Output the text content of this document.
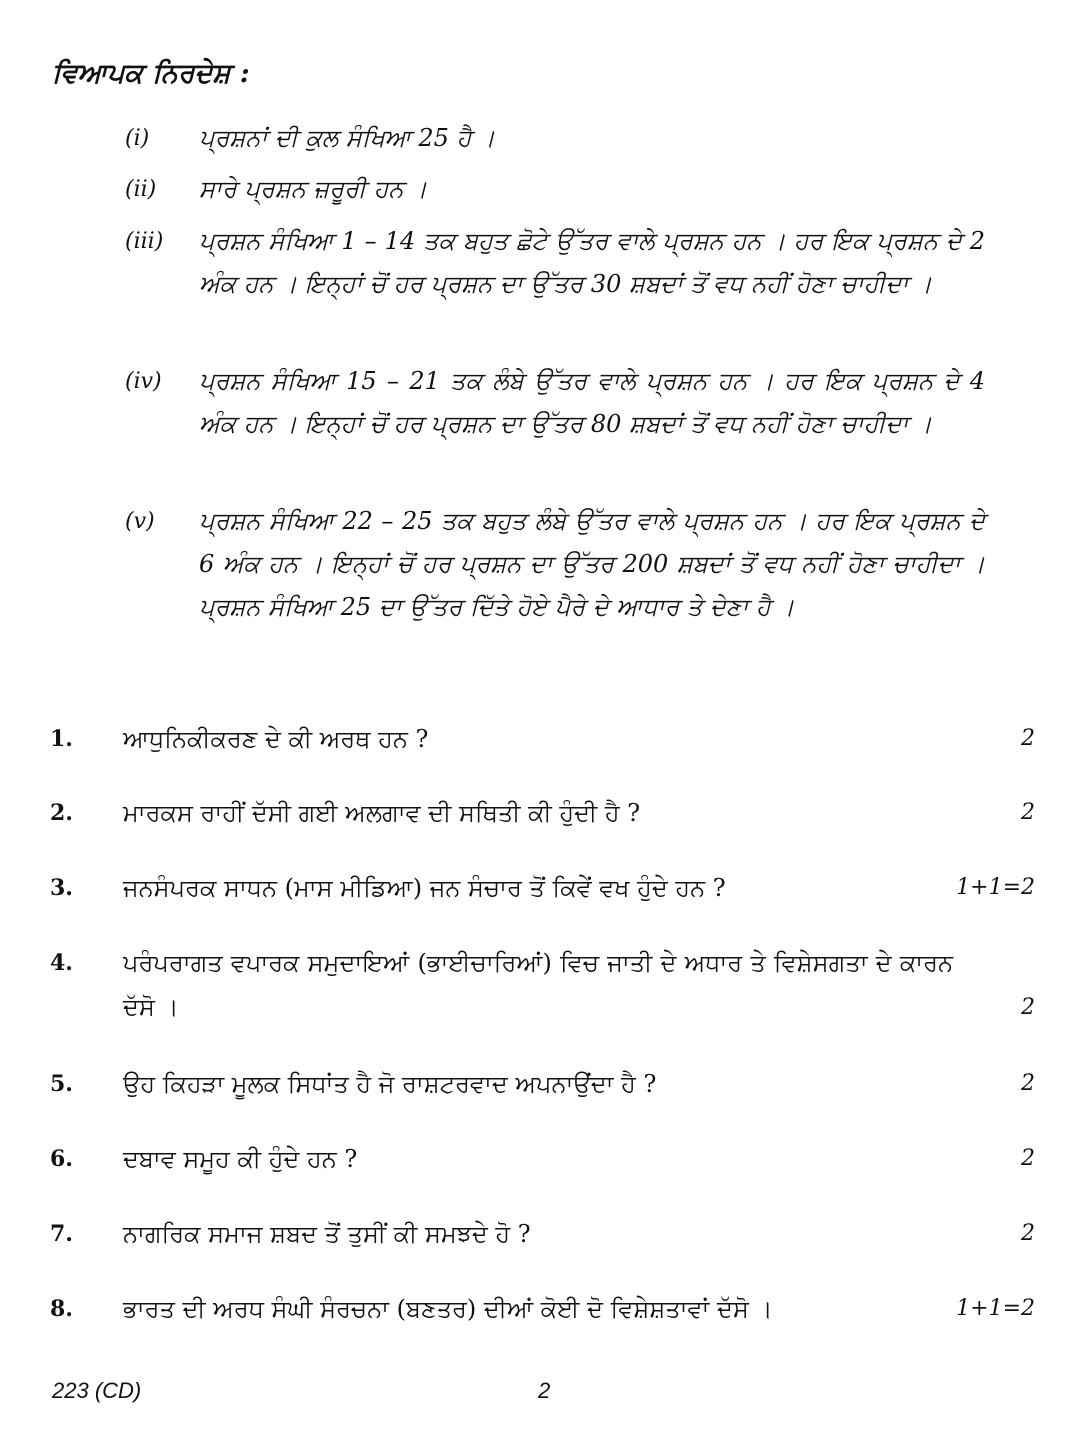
ਵਿਆਪਕ ਨਿਰਦੇਸ਼ :
(i)	ਪ੍ਰਸ਼ਨਾਂ ਦੀ ਕੁਲ ਸੰਖਿਆ 25 ਹੈ ।
(ii)	ਸਾਰੇ ਪ੍ਰਸ਼ਨ ਜ਼ਰੂਰੀ ਹਨ ।
(iii)	ਪ੍ਰਸ਼ਨ ਸੰਖਿਆ 1 – 14 ਤਕ ਬਹੁਤ ਛੋਟੇ ਉੱਤਰ ਵਾਲੇ ਪ੍ਰਸ਼ਨ ਹਨ । ਹਰ ਇਕ ਪ੍ਰਸ਼ਨ ਦੇ 2 ਅੰਕ ਹਨ । ਇਨ੍ਹਾਂ ਚੋਂ ਹਰ ਪ੍ਰਸ਼ਨ ਦਾ ਉੱਤਰ 30 ਸ਼ਬਦਾਂ ਤੋਂ ਵਧ ਨਹੀਂ ਹੋਣਾ ਚਾਹੀਦਾ ।
(iv)	ਪ੍ਰਸ਼ਨ ਸੰਖਿਆ 15 – 21 ਤਕ ਲੰਬੇ ਉੱਤਰ ਵਾਲੇ ਪ੍ਰਸ਼ਨ ਹਨ । ਹਰ ਇਕ ਪ੍ਰਸ਼ਨ ਦੇ 4 ਅੰਕ ਹਨ । ਇਨ੍ਹਾਂ ਚੋਂ ਹਰ ਪ੍ਰਸ਼ਨ ਦਾ ਉੱਤਰ 80 ਸ਼ਬਦਾਂ ਤੋਂ ਵਧ ਨਹੀਂ ਹੋਣਾ ਚਾਹੀਦਾ ।
(v)	ਪ੍ਰਸ਼ਨ ਸੰਖਿਆ 22 – 25 ਤਕ ਬਹੁਤ ਲੰਬੇ ਉੱਤਰ ਵਾਲੇ ਪ੍ਰਸ਼ਨ ਹਨ । ਹਰ ਇਕ ਪ੍ਰਸ਼ਨ ਦੇ 6 ਅੰਕ ਹਨ । ਇਨ੍ਹਾਂ ਚੋਂ ਹਰ ਪ੍ਰਸ਼ਨ ਦਾ ਉੱਤਰ 200 ਸ਼ਬਦਾਂ ਤੋਂ ਵਧ ਨਹੀਂ ਹੋਣਾ ਚਾਹੀਦਾ । ਪ੍ਰਸ਼ਨ ਸੰਖਿਆ 25 ਦਾ ਉੱਤਰ ਦਿੱਤੇ ਹੋਏ ਪੈਰੇ ਦੇ ਆਧਾਰ ਤੇ ਦੇਣਾ ਹੈ ।
1. ਆਧੁਨਿਕੀਕਰਣ ਦੇ ਕੀ ਅਰਥ ਹਨ ?	2
2. ਮਾਰਕਸ ਰਾਹੀਂ ਦੱਸੀ ਗਈ ਅਲਗਾਵ ਦੀ ਸਥਿਤੀ ਕੀ ਹੁੰਦੀ ਹੈ ?	2
3. ਜਨਸੰਪਰਕ ਸਾਧਨ (ਮਾਸ ਮੀਡਿਆ) ਜਨ ਸੰਚਾਰ ਤੋਂ ਕਿਵੇਂ ਵਖ ਹੁੰਦੇ ਹਨ ?	1+1=2
4. ਪਰੰਪਰਾਗਤ ਵਪਾਰਕ ਸਮੁਦਾਇਆਂ (ਭਾਈਚਾਰਿਆਂ) ਵਿਚ ਜਾਤੀ ਦੇ ਅਧਾਰ ਤੇ ਵਿਸ਼ੇਸਗਤਾ ਦੇ ਕਾਰਨ ਦੱਸੋ ।	2
5. ਉਹ ਕਿਹੜਾ ਮੂਲਕ ਸਿਧਾਂਤ ਹੈ ਜੋ ਰਾਸ਼ਟਰਵਾਦ ਅਪਨਾਉਂਦਾ ਹੈ ?	2
6. ਦਬਾਵ ਸਮੂਹ ਕੀ ਹੁੰਦੇ ਹਨ ?	2
7. ਨਾਗਰਿਕ ਸਮਾਜ ਸ਼ਬਦ ਤੋਂ ਤੁਸੀਂ ਕੀ ਸਮਝਦੇ ਹੋ ?	2
8. ਭਾਰਤ ਦੀ ਅਰਧ ਸੰਘੀ ਸੰਰਚਨਾ (ਬਣਤਰ) ਦੀਆਂ ਕੋਈ ਦੋ ਵਿਸ਼ੇਸ਼ਤਾਵਾਂ ਦੱਸੋ ।	1+1=2
223 (CD)	2
